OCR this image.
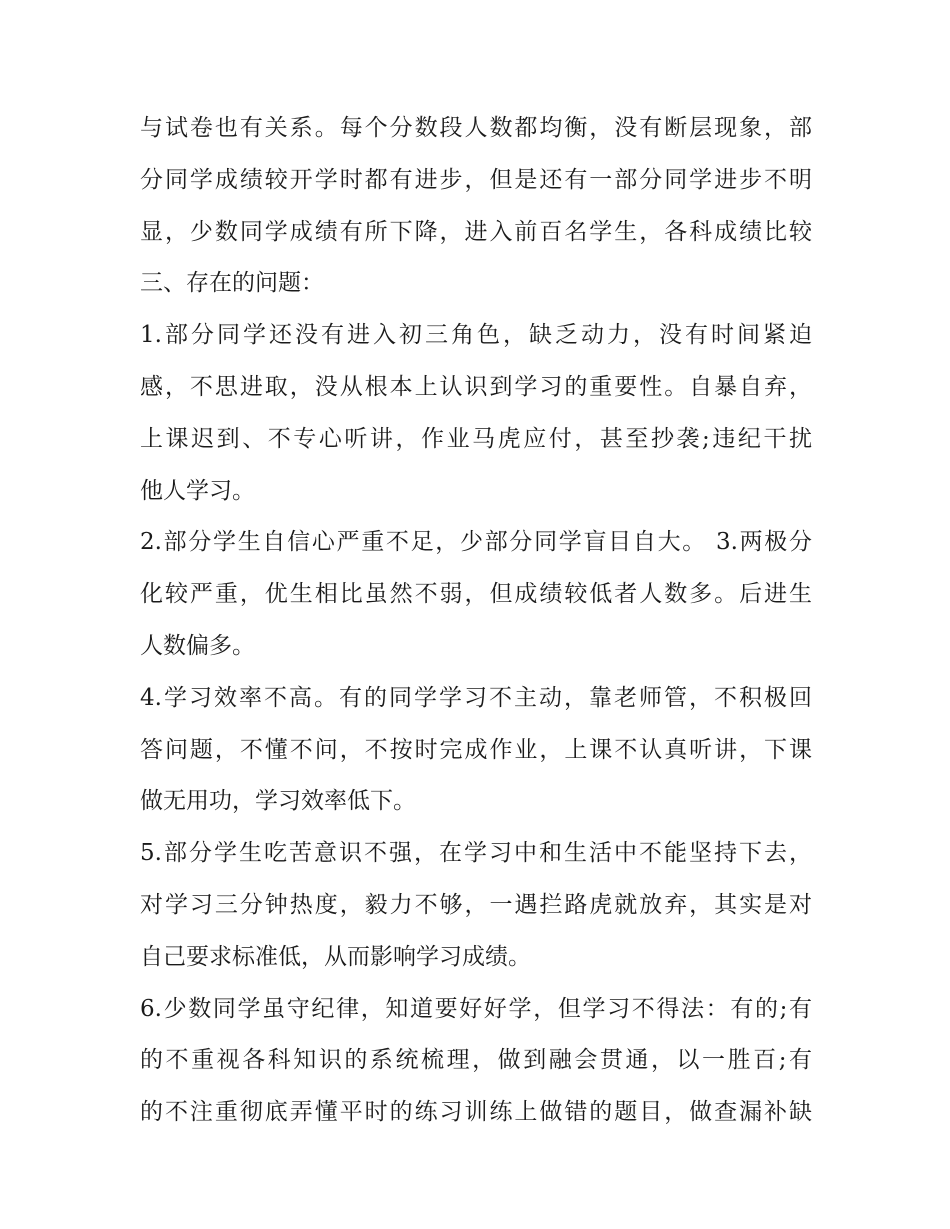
与试卷也有关系。每个分数段人数都均衡，没有断层现象，部
分同学成绩较开学时都有进步，但是还有一部分同学进步不明
显，少数同学成绩有所下降，进入前百名学生，各科成绩比较
三、存在的问题：
1.部分同学还没有进入初三角色，缺乏动力，没有时间紧迫
感，不思进取，没从根本上认识到学习的重要性。自暴自弃，
上课迟到、不专心听讲，作业马虎应付，甚至抄袭;违纪干扰
他人学习。
2.部分学生自信心严重不足，少部分同学盲目自大。 3.两极分
化较严重，优生相比虽然不弱，但成绩较低者人数多。后进生
人数偏多。
4.学习效率不高。有的同学学习不主动，靠老师管，不积极回
答问题，不懂不问，不按时完成作业，上课不认真听讲，下课
做无用功，学习效率低下。
5.部分学生吃苦意识不强，在学习中和生活中不能坚持下去，
对学习三分钟热度，毅力不够，一遇拦路虎就放弃，其实是对
自己要求标准低，从而影响学习成绩。
6.少数同学虽守纪律，知道要好好学，但学习不得法：有的;有
的不重视各科知识的系统梳理，做到融会贯通，以一胜百;有
的不注重彻底弄懂平时的练习训练上做错的题目，做查漏补缺
